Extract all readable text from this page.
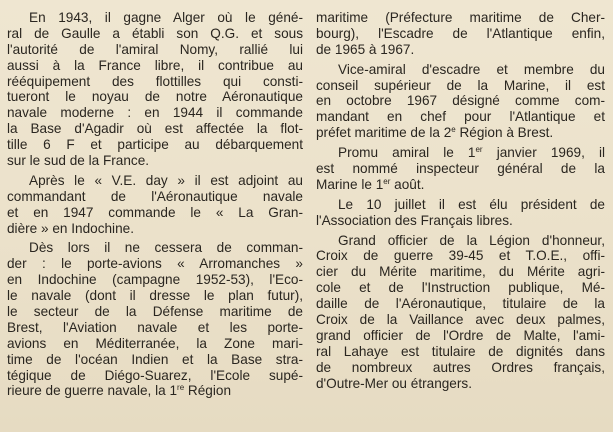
En 1943, il gagne Alger où le géné-
ral de Gaulle a établi son Q.G. et sous
l'autorité de l'amiral Nomy, rallié lui
aussi à la France libre, il contribue au
rééquipement des flottilles qui consti-
tueront le noyau de notre Aéronautique
navale moderne : en 1944 il commande
la Base d'Agadir où est affectée la flot-
tille 6 F et participe au débarquement
sur le sud de la France.
Après le « V.E. day » il est adjoint au
commandant de l'Aéronautique navale
et en 1947 commande le « La Gran-
dière » en Indochine.
Dès lors il ne cessera de comman-
der : le porte-avions « Arromanches »
en Indochine (campagne 1952-53), l'Eco-
le navale (dont il dresse le plan futur),
le secteur de la Défense maritime de
Brest, l'Aviation navale et les porte-
avions en Méditerranée, la Zone mari-
time de l'océan Indien et la Base stra-
tégique de Diégo-Suarez, l'Ecole supé-
rieure de guerre navale, la 1re Région
maritime (Préfecture maritime de Cher-
bourg), l'Escadre de l'Atlantique enfin,
de 1965 à 1967.
Vice-amiral d'escadre et membre du
conseil supérieur de la Marine, il est
en octobre 1967 désigné comme com-
mandant en chef pour l'Atlantique et
préfet maritime de la 2e Région à Brest.
Promu amiral le 1er janvier 1969, il
est nommé inspecteur général de la
Marine le 1er août.
Le 10 juillet il est élu président de
l'Association des Français libres.
Grand officier de la Légion d'honneur,
Croix de guerre 39-45 et T.O.E., offi-
cier du Mérite maritime, du Mérite agri-
cole et de l'Instruction publique, Mé-
daille de l'Aéronautique, titulaire de la
Croix de la Vaillance avec deux palmes,
grand officier de l'Ordre de Malte, l'ami-
ral Lahaye est titulaire de dignités dans
de nombreux autres Ordres français,
d'Outre-Mer ou étrangers.
